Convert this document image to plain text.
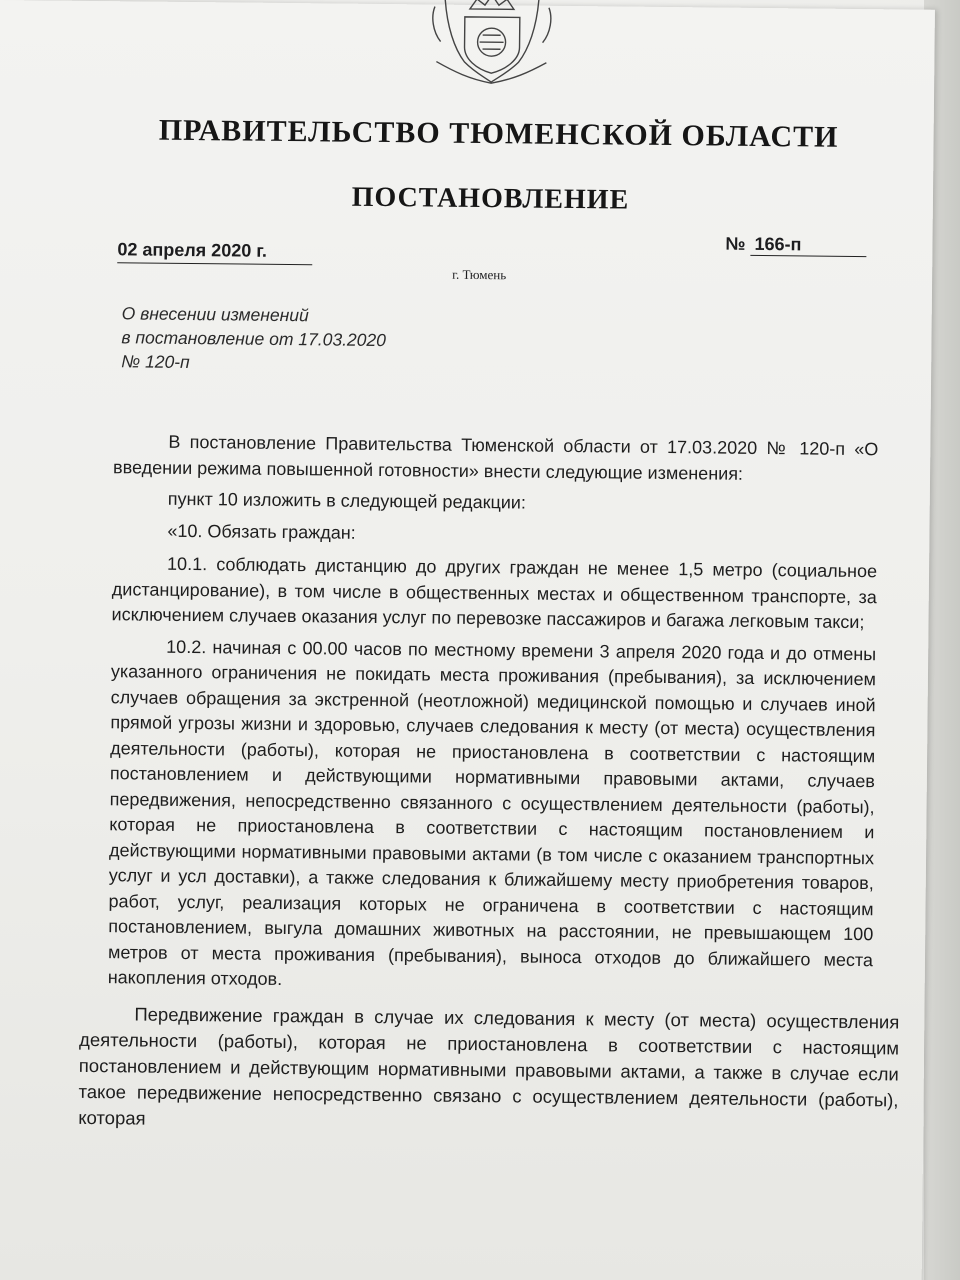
ПРАВИТЕЛЬСТВО ТЮМЕНСКОЙ ОБЛАСТИ
ПОСТАНОВЛЕНИЕ
02 апреля 2020 г.	№ 166-п
г. Тюмень
О внесении изменений
в постановление от 17.03.2020
№ 120-п

В постановление Правительства Тюменской области от 17.03.2020 № 120-п «О введении режима повышенной готовности» внести следующие изменения:

пункт 10 изложить в следующей редакции:

«10. Обязать граждан:

10.1. соблюдать дистанцию до других граждан не менее 1,5 метро (социальное дистанцирование), в том числе в общественных местах и общественном транспорте, за исключением случаев оказания услуг по перевозке пассажиров и багажа легковым такси;

10.2. начиная с 00.00 часов по местному времени 3 апреля 2020 года и до отмены указанного ограничения не покидать места проживания (пребывания), за исключением случаев обращения за экстренной (неотложной) медицинской помощью и случаев иной прямой угрозы жизни и здоровью, случаев следования к месту (от места) осуществления деятельности (работы), которая не приостановлена в соответствии с настоящим постановлением и действующими нормативными правовыми актами, случаев передвижения, непосредственно связанного с осуществлением деятельности (работы), которая не приостановлена в соответствии с настоящим постановлением и действующими нормативными правовыми актами (в том числе с оказанием транспортных услуг и усл доставки), а также следования к ближайшему месту приобретения товаров, работ, услуг, реализация которых не ограничена в соответствии с настоящим постановлением, выгула домашних животных на расстоянии, не превышающем 100 метров от места проживания (пребывания), выноса отходов до ближайшего места накопления отходов.

Передвижение граждан в случае их следования к месту (от места) осуществления деятельности (работы), которая не приостановлена в соответствии с настоящим постановлением и действующим нормативными правовыми актами, а также в случае если такое передвижение непосредственно связано с осуществлением деятельности (работы), которая
